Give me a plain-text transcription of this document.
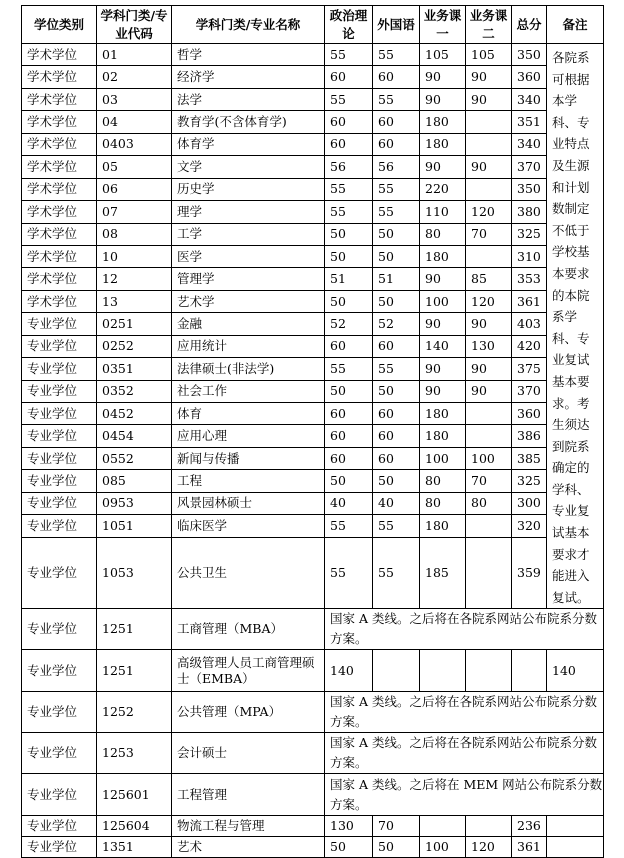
学位类别	学科门类/专业代码	学科门类/专业名称	政治理论	外国语	业务课一	业务课二	总分	备注	
学术学位	01	哲学	55	55	105	105	350	各院系可根据本学科、专业特点及生源和计划数制定不低于学校基本要求的本院系学科、专业复试基本要求。考生须达到院系确定的学科、专业复试基本要求才能进入复试。	
学术学位	02	经济学	60	60	90	90	360		
学术学位	03	法学	55	55	90	90	340		
学术学位	04	教育学(不含体育学)	60	60	180		351		
学术学位	0403	体育学	60	60	180		340		
学术学位	05	文学	56	56	90	90	370		
学术学位	06	历史学	55	55	220		350		
学术学位	07	理学	55	55	110	120	380		
学术学位	08	工学	50	50	80	70	325		
学术学位	10	医学	50	50	180		310		
学术学位	12	管理学	51	51	90	85	353		
学术学位	13	艺术学	50	50	100	120	361		
专业学位	0251	金融	52	52	90	90	403		
专业学位	0252	应用统计	60	60	140	130	420		
专业学位	0351	法律硕士(非法学)	55	55	90	90	375		
专业学位	0352	社会工作	50	50	90	90	370		
专业学位	0452	体育	60	60	180		360		
专业学位	0454	应用心理	60	60	180		386		
专业学位	0552	新闻与传播	60	60	100	100	385		
专业学位	085	工程	50	50	80	70	325		
专业学位	0953	风景园林硕士	40	40	80	80	300		
专业学位	1051	临床医学	55	55	180		320		
专业学位	1053	公共卫生	55	55	185		359		
专业学位	1251	工商管理（MBA）	国家 A 类线。之后将在各院系网站公布院系分数方案。						
专业学位	1251	高级管理人员工商管理硕士（EMBA）	140					140	
专业学位	1252	公共管理（MPA）	国家 A 类线。之后将在各院系网站公布院系分数方案。						
专业学位	1253	会计硕士	国家 A 类线。之后将在各院系网站公布院系分数方案。						
专业学位	125601	工程管理	国家 A 类线。之后将在 MEM 网站公布院系分数方案。						
专业学位	125604	物流工程与管理	130	70			236		
专业学位	1351	艺术	50	50	100	120	361		
